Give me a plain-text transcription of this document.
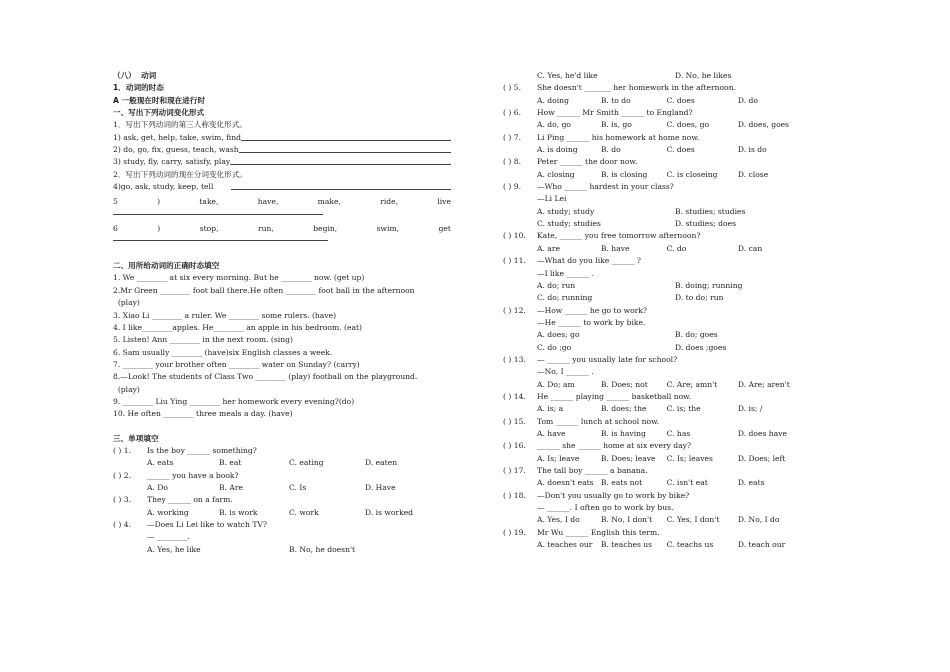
（八）  动词
1．动词的时态
A 一般现在时和现在进行时
一、写出下列动词变化形式
1．写出下列动词的第三人称变化形式。
1) ask, get, help, take, swim, find
2) do, go, fix, guess, teach, wash
3) study, fly, carry, satisfy, play
2．写出下列动词的现在分词变化形式。
4)go, ask, study, keep, tell
5	)	take,	have,	make,	ride,	live
6	)	stop,	run,	begin,	swim,	get
二、用所给动词的正确时态填空
1. We ________ at six every morning. But he ________ now. (get up)
2.Mr Green ________ foot ball there.He often ________ foot ball in the afternoon
(play)
3. Xiao Li ________ a ruler. We ________ some rulers. (have)
4. I like________apples. He________ an apple in his bedroom. (eat)
5. Listen! Ann ________ in the next room. (sing)
6. Sam usually ________ (have)six English classes a week.
7. ________ your brother often ________ water on Sunday? (carry)
8.—Look! The students of Class Two ________ (play) football on the playground.
(play)
9. ________ Liu Ying ________ her homework every evening?(do)
10. He often ________ three meals a day. (have)
三、单项填空
( ) 1.	Is the boy ______ something?
A. eats	B. eat	C. eating	D. eaten
( ) 2.	______ you have a book?
A. Do	B. Are	C. Is	D. Have
( ) 3.	They ______ on a farm.
A. working	B. is work	C. work	D. is worked
( ) 4.	—Does Li Lei like to watch TV?
— ________.
A. Yes, he like	B. No, he doesn't
C. Yes, he'd like	D. No, he likes
( ) 5.	She doesn't _______ her homework in the afternoon.
A. doing	B. to do	C. does	D. do
( ) 6.	How ______ Mr Smith ______ to England?
A. do, go	B. is, go	C. does, go	D. does, goes
( ) 7.	Li Ping ______ his homework at home now.
A. is doing	B. do	C. does	D. is do
( ) 8.	Peter ______ the door now.
A. closing	B. is closing	C. is closeing	D. close
( ) 9.	—Who ______ hardest in your class?
—Li Lei
A. study; study	B. studies; studies
C. study; studies	D. studies; does
( ) 10.	Kate, ______ you free tomorrow afternoon?
A. are	B. have	C. do	D. can
( ) 11.	—What do you like ______ ?
—I like ______ .
A. do; run	B. doing; running
C. do; running	D. to do; run
( ) 12.	—How ______ he go to work?
—He ______ to work by bike.
A. does; go	B. do; goes
C. do ;go	D. does ;goes
( ) 13.	— ______ you usually late for school?
—No, I ______ .
A. Do; am	B. Does; not	C. Are; amn't	D. Are; aren't
( ) 14.	He ______ playing ______ basketball now.
A. is; a	B. does; the	C. is; the	D. is; /
( ) 15.	Tom ______ lunch at school now.
A. have	B. is having	C. has	D. does have
( ) 16.	______ she ______ home at six every day?
A. Is; leave	B. Does; leave	C. Is; leaves	D. Does; left
( ) 17.	The tall boy ______ a banana.
A. doesn't eats B. eats not	C. isn't eat	D. eats
( ) 18.	—Don't you usually go to work by bike?
— ______. I often go to work by bus.
A. Yes, I do	B. No, I don't	C. Yes, I don't	D. No, I do
( ) 19.	Mr Wu ______ English this term.
A. teaches our	B. teaches us	C. teachs us	D. teach our
